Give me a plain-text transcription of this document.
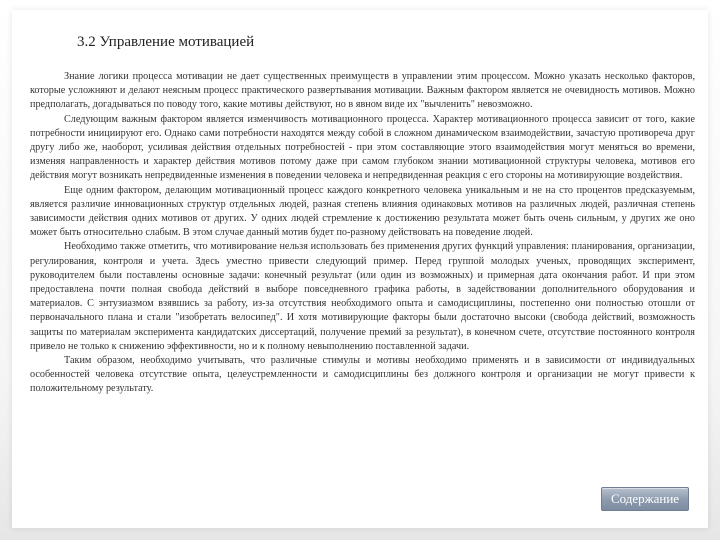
3.2 Управление мотивацией

Знание логики процесса мотивации не дает существенных преимуществ в управлении этим процессом. Можно указать несколько факторов, которые усложняют и делают неясным процесс практического развертывания мотивации. Важным фактором является не очевидность мотивов. Можно предполагать, догадываться по поводу того, какие мотивы действуют, но в явном виде их "вычленить" невозможно.

Следующим важным фактором является изменчивость мотивационного процесса. Характер мотивационного процесса зависит от того, какие потребности инициируют его. Однако сами потребности находятся между собой в сложном динамическом взаимодействии, зачастую противореча друг другу либо же, наоборот, усиливая действия отдельных потребностей - при этом составляющие этого взаимодействия могут меняться во времени, изменяя направленность и характер действия мотивов потому даже при самом глубоком знании мотивационной структуры человека, мотивов его действия могут возникать непредвиденные изменения в поведении человека и непредвиденная реакция с его стороны на мотивирующие воздействия.

Еще одним фактором, делающим мотивационный процесс каждого конкретного человека уникальным и не на сто процентов предсказуемым, является различие инновационных структур отдельных людей, разная степень влияния одинаковых мотивов на различных людей, различная степень зависимости действия одних мотивов от других. У одних людей стремление к достижению результата может быть очень сильным, у других же оно может быть относительно слабым. В этом случае данный мотив будет по-разному действовать на поведение людей.

Необходимо также отметить, что мотивирование нельзя использовать без применения других функций управления: планирования, организации, регулирования, контроля и учета. Здесь уместно привести следующий пример. Перед группой молодых ученых, проводящих эксперимент, руководителем были поставлены основные задачи: конечный результат (или один из возможных) и примерная дата окончания работ. И при этом предоставлена почти полная свобода действий в выборе повседневного графика работы, в задействовании дополнительного оборудования и материалов. С энтузиазмом взявшись за работу, из-за отсутствия необходимого опыта и самодисциплины, постепенно они полностью отошли от первоначального плана и стали "изобретать велосипед". И хотя мотивирующие факторы были достаточно высоки (свобода действий, возможность защиты по материалам эксперимента кандидатских диссертаций, получение премий за результат), в конечном счете, отсутствие постоянного контроля привело не только к снижению эффективности, но и к полному невыполнению поставленной задачи.

Таким образом, необходимо учитывать, что различные стимулы и мотивы необходимо применять и в зависимости от индивидуальных особенностей человека отсутствие опыта, целеустремленности и самодисциплины без должного контроля и организации не могут привести к положительному результату.

Содержание
